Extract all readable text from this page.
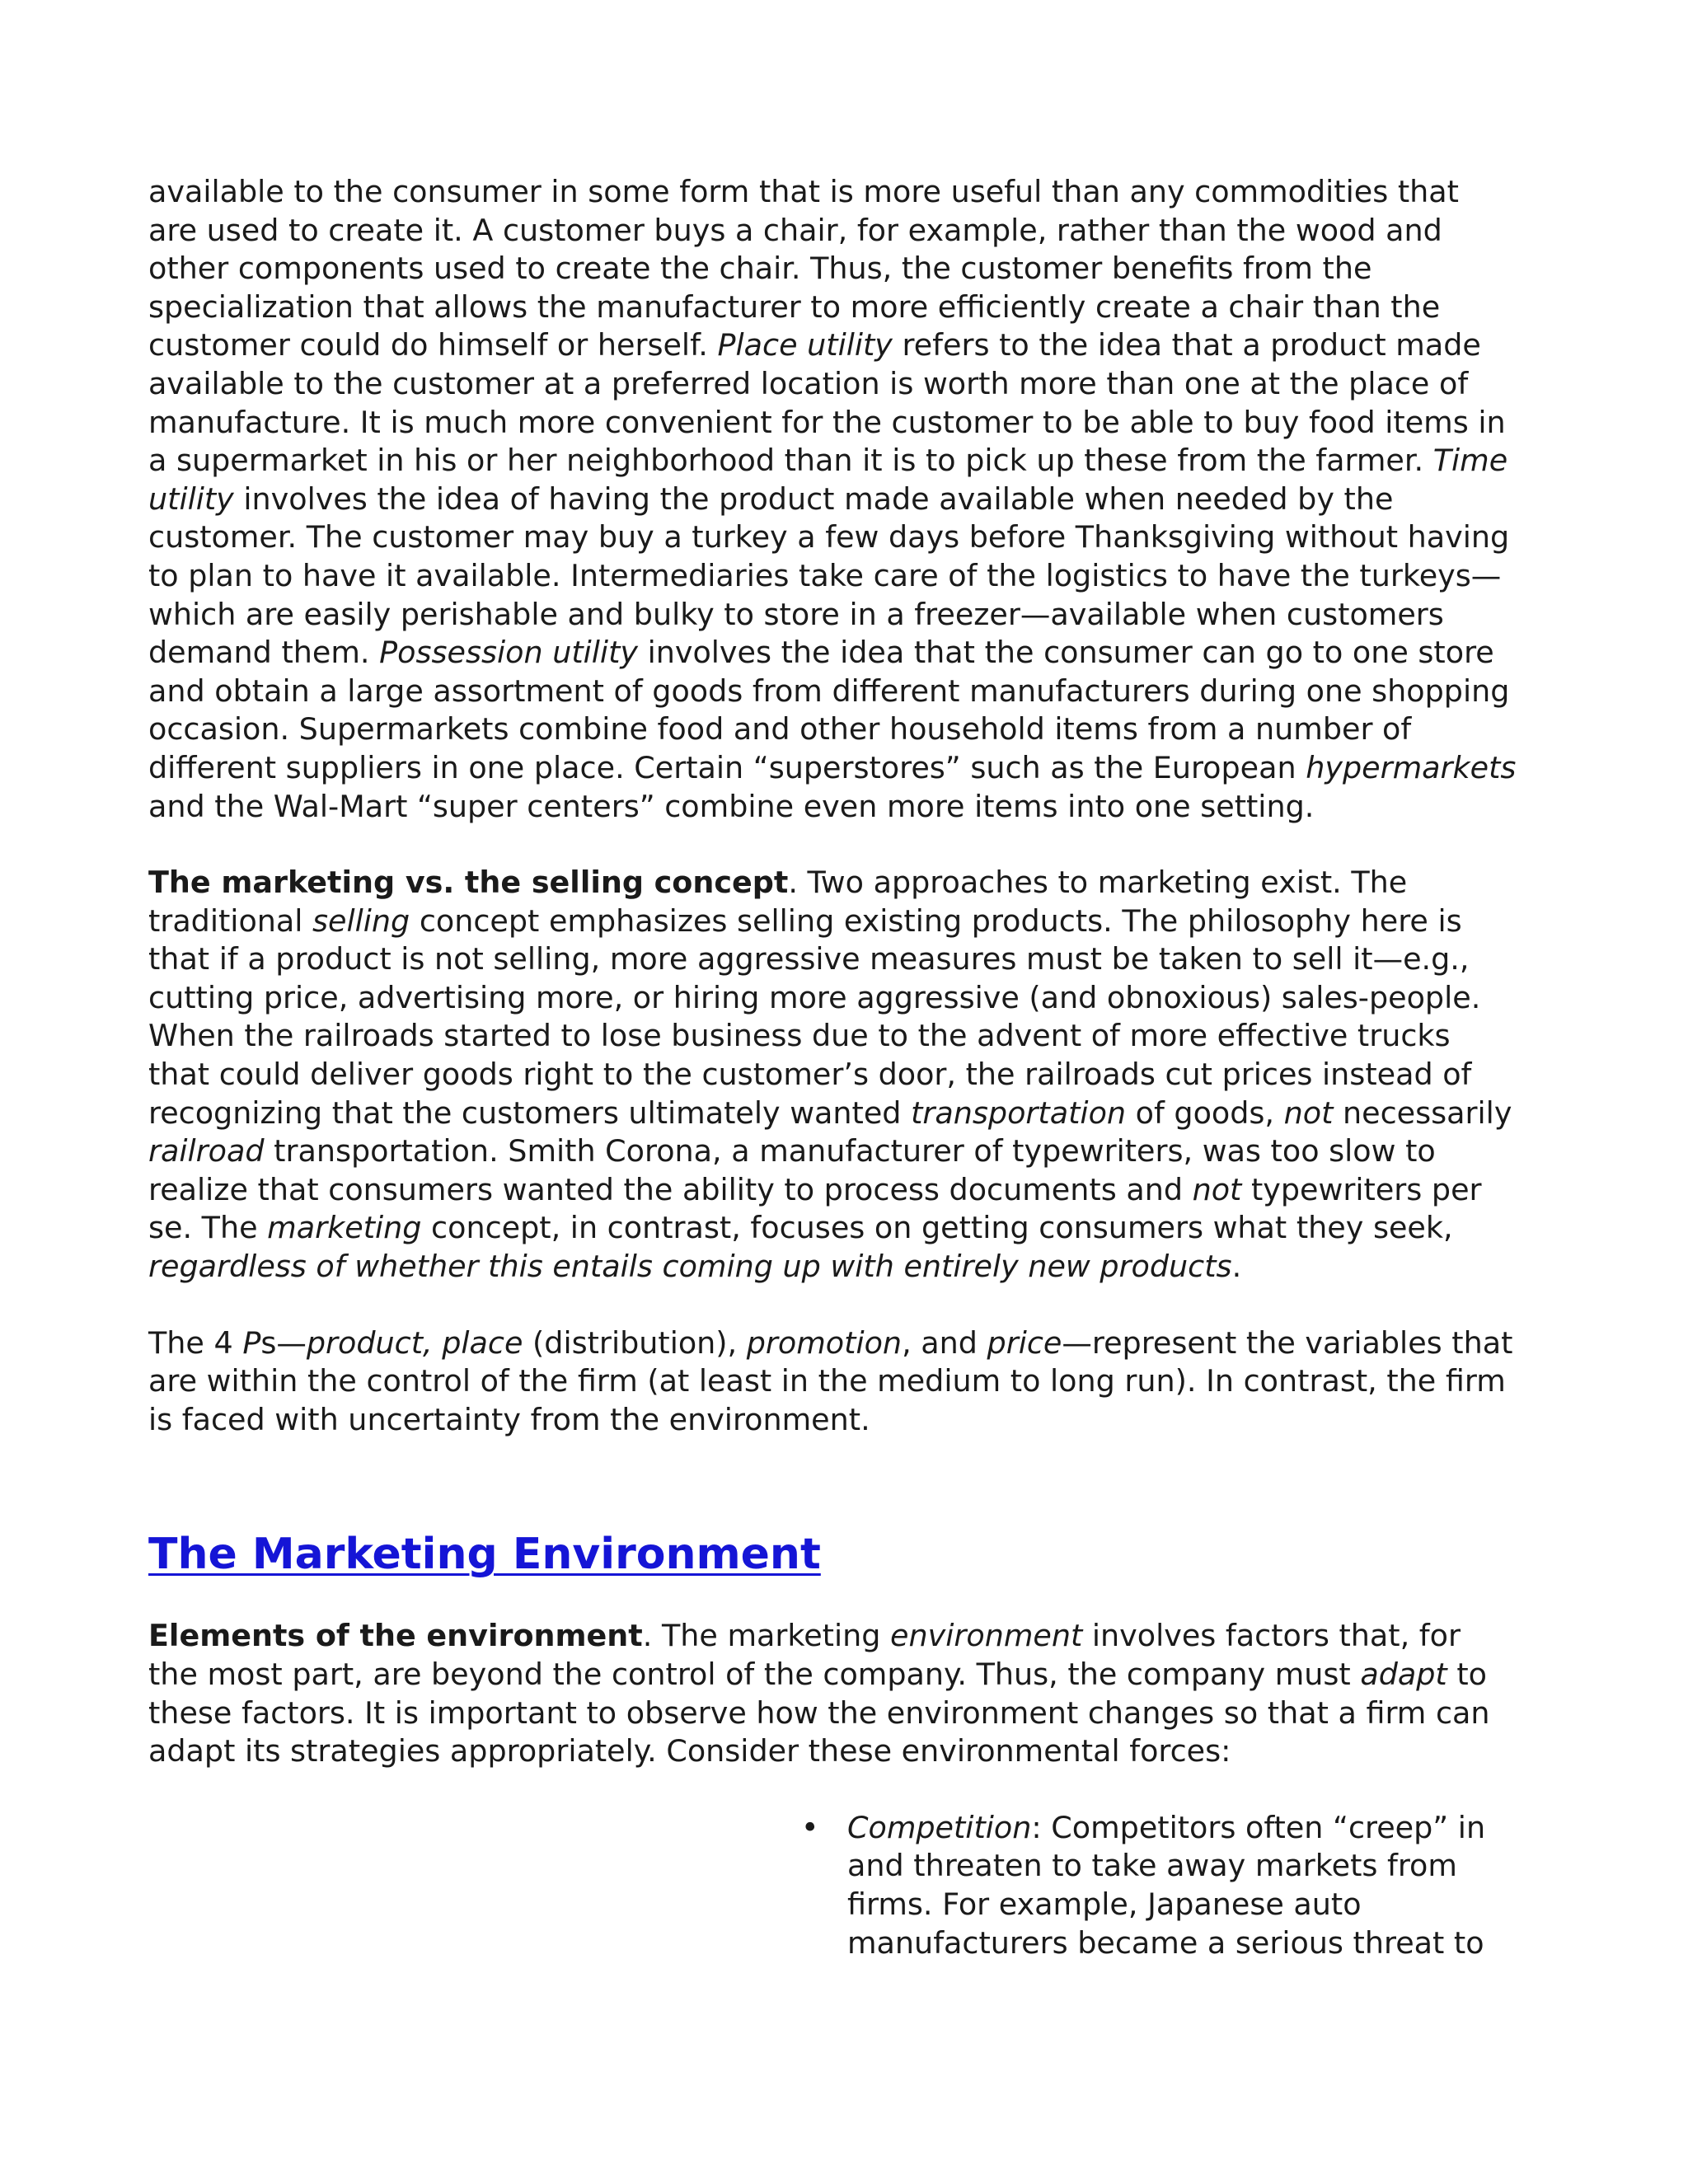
available to the consumer in some form that is more useful than any commodities that are used to create it. A customer buys a chair, for example, rather than the wood and other components used to create the chair. Thus, the customer benefits from the specialization that allows the manufacturer to more efficiently create a chair than the customer could do himself or herself. Place utility refers to the idea that a product made available to the customer at a preferred location is worth more than one at the place of manufacture. It is much more convenient for the customer to be able to buy food items in a supermarket in his or her neighborhood than it is to pick up these from the farmer. Time utility involves the idea of having the product made available when needed by the customer. The customer may buy a turkey a few days before Thanksgiving without having to plan to have it available. Intermediaries take care of the logistics to have the turkeys—which are easily perishable and bulky to store in a freezer—available when customers demand them. Possession utility involves the idea that the consumer can go to one store and obtain a large assortment of goods from different manufacturers during one shopping occasion. Supermarkets combine food and other household items from a number of different suppliers in one place. Certain “superstores” such as the European hypermarkets and the Wal-Mart “super centers” combine even more items into one setting.

The marketing vs. the selling concept. Two approaches to marketing exist. The traditional selling concept emphasizes selling existing products. The philosophy here is that if a product is not selling, more aggressive measures must be taken to sell it—e.g., cutting price, advertising more, or hiring more aggressive (and obnoxious) sales-people. When the railroads started to lose business due to the advent of more effective trucks that could deliver goods right to the customer’s door, the railroads cut prices instead of recognizing that the customers ultimately wanted transportation of goods, not necessarily railroad transportation. Smith Corona, a manufacturer of typewriters, was too slow to realize that consumers wanted the ability to process documents and not typewriters per se. The marketing concept, in contrast, focuses on getting consumers what they seek, regardless of whether this entails coming up with entirely new products.

The 4 Ps—product, place (distribution), promotion, and price—represent the variables that are within the control of the firm (at least in the medium to long run). In contrast, the firm is faced with uncertainty from the environment.

The Marketing Environment

Elements of the environment. The marketing environment involves factors that, for the most part, are beyond the control of the company. Thus, the company must adapt to these factors. It is important to observe how the environment changes so that a firm can adapt its strategies appropriately. Consider these environmental forces:

• Competition: Competitors often “creep” in and threaten to take away markets from firms. For example, Japanese auto manufacturers became a serious threat to
